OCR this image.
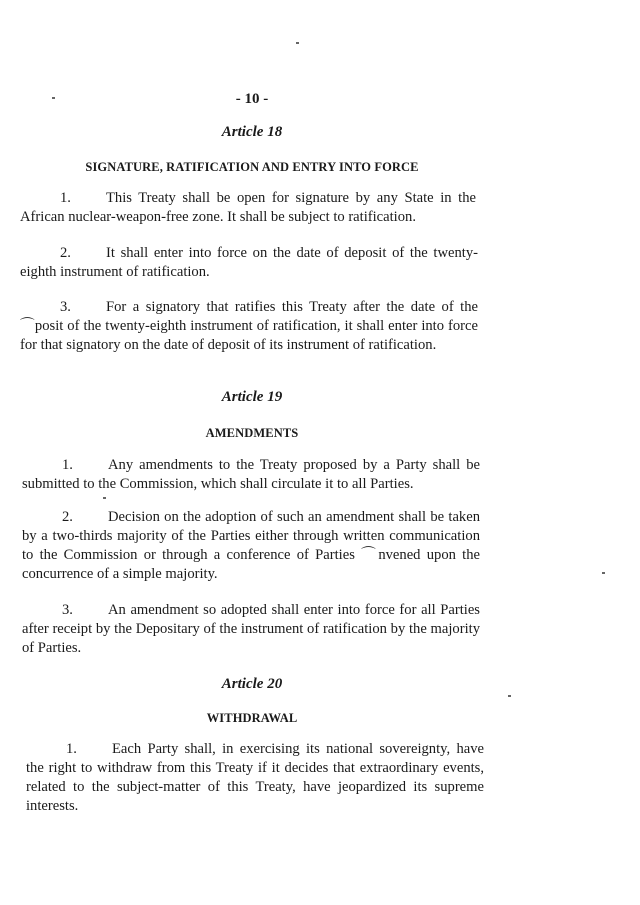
- 10 -
Article 18
SIGNATURE, RATIFICATION AND ENTRY INTO FORCE

1. This Treaty shall be open for signature by any State in the African nuclear-weapon-free zone. It shall be subject to ratification.

2. It shall enter into force on the date of deposit of the twenty-eighth instrument of ratification.

3. For a signatory that ratifies this Treaty after the date of the ⌒posit of the twenty-eighth instrument of ratification, it shall enter into force for that signatory on the date of deposit of its instrument of ratification.

Article 19
AMENDMENTS

1. Any amendments to the Treaty proposed by a Party shall be submitted to the Commission, which shall circulate it to all Parties.

2. Decision on the adoption of such an amendment shall be taken by a two-thirds majority of the Parties either through written communication to the Commission or through a conference of Parties ⌒nvened upon the concurrence of a simple majority.

3. An amendment so adopted shall enter into force for all Parties after receipt by the Depositary of the instrument of ratification by the majority of Parties.

Article 20
WITHDRAWAL

1. Each Party shall, in exercising its national sovereignty, have the right to withdraw from this Treaty if it decides that extraordinary events, related to the subject-matter of this Treaty, have jeopardized its supreme interests.
